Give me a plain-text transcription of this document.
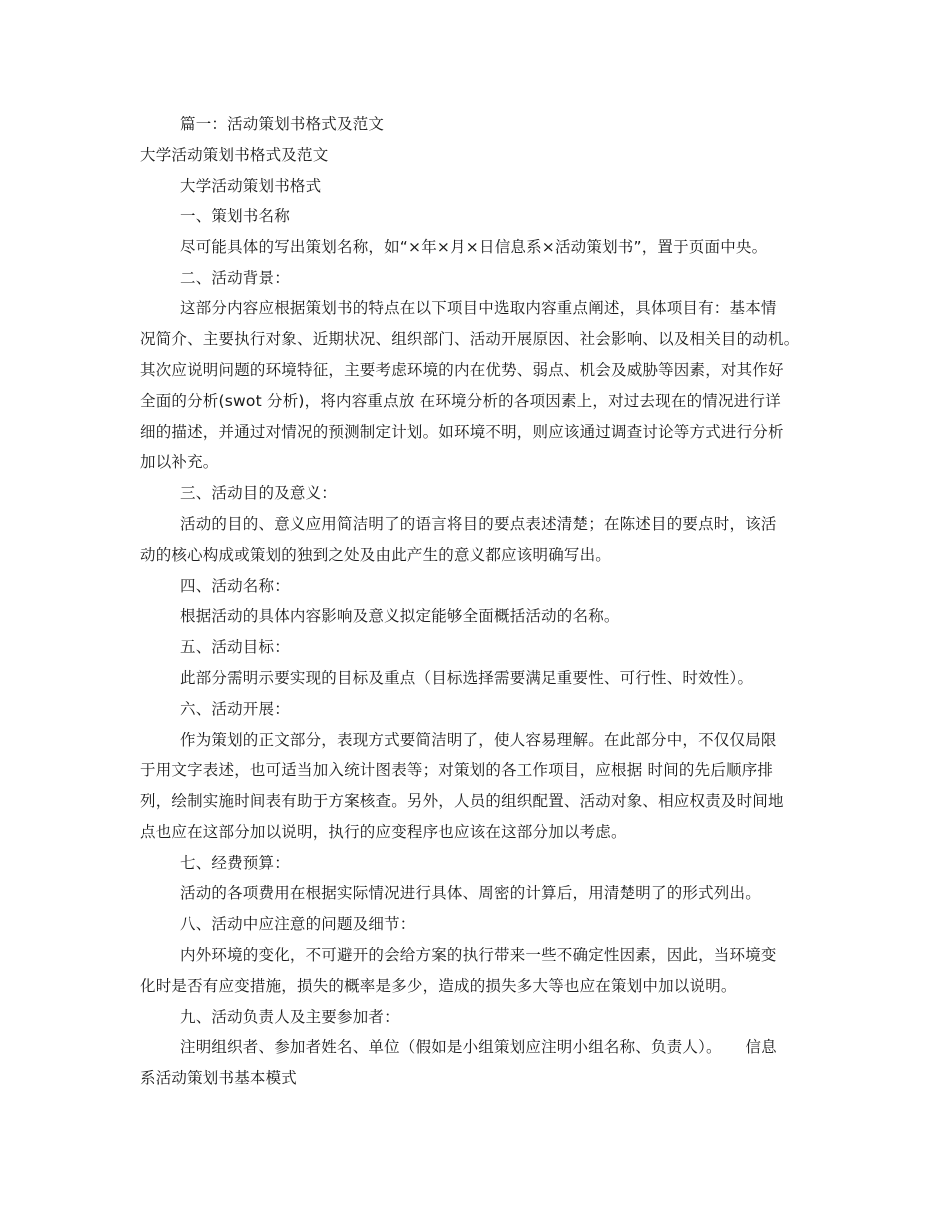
篇一：活动策划书格式及范文
大学活动策划书格式及范文
大学活动策划书格式
一、策划书名称
尽可能具体的写出策划名称，如“×年×月×日信息系×活动策划书”，置于页面中央。
二、活动背景：
这部分内容应根据策划书的特点在以下项目中选取内容重点阐述，具体项目有：基本情
况简介、主要执行对象、近期状况、组织部门、活动开展原因、社会影响、以及相关目的动机。
其次应说明问题的环境特征，主要考虑环境的内在优势、弱点、机会及威胁等因素，对其作好
全面的分析(swot 分析)，将内容重点放 在环境分析的各项因素上，对过去现在的情况进行详
细的描述，并通过对情况的预测制定计划。如环境不明，则应该通过调查讨论等方式进行分析
加以补充。
三、活动目的及意义：
活动的目的、意义应用简洁明了的语言将目的要点表述清楚；在陈述目的要点时，该活
动的核心构成或策划的独到之处及由此产生的意义都应该明确写出。
四、活动名称：
根据活动的具体内容影响及意义拟定能够全面概括活动的名称。
五、活动目标：
此部分需明示要实现的目标及重点（目标选择需要满足重要性、可行性、时效性）。
六、活动开展：
作为策划的正文部分，表现方式要简洁明了，使人容易理解。在此部分中，不仅仅局限
于用文字表述，也可适当加入统计图表等；对策划的各工作项目，应根据 时间的先后顺序排
列，绘制实施时间表有助于方案核查。另外，人员的组织配置、活动对象、相应权责及时间地
点也应在这部分加以说明，执行的应变程序也应该在这部分加以考虑。
七、经费预算：
活动的各项费用在根据实际情况进行具体、周密的计算后，用清楚明了的形式列出。
八、活动中应注意的问题及细节：
内外环境的变化，不可避开的会给方案的执行带来一些不确定性因素，因此，当环境变
化时是否有应变措施，损失的概率是多少，造成的损失多大等也应在策划中加以说明。
九、活动负责人及主要参加者：
注明组织者、参加者姓名、单位（假如是小组策划应注明小组名称、负责人）。　　信息
系活动策划书基本模式
